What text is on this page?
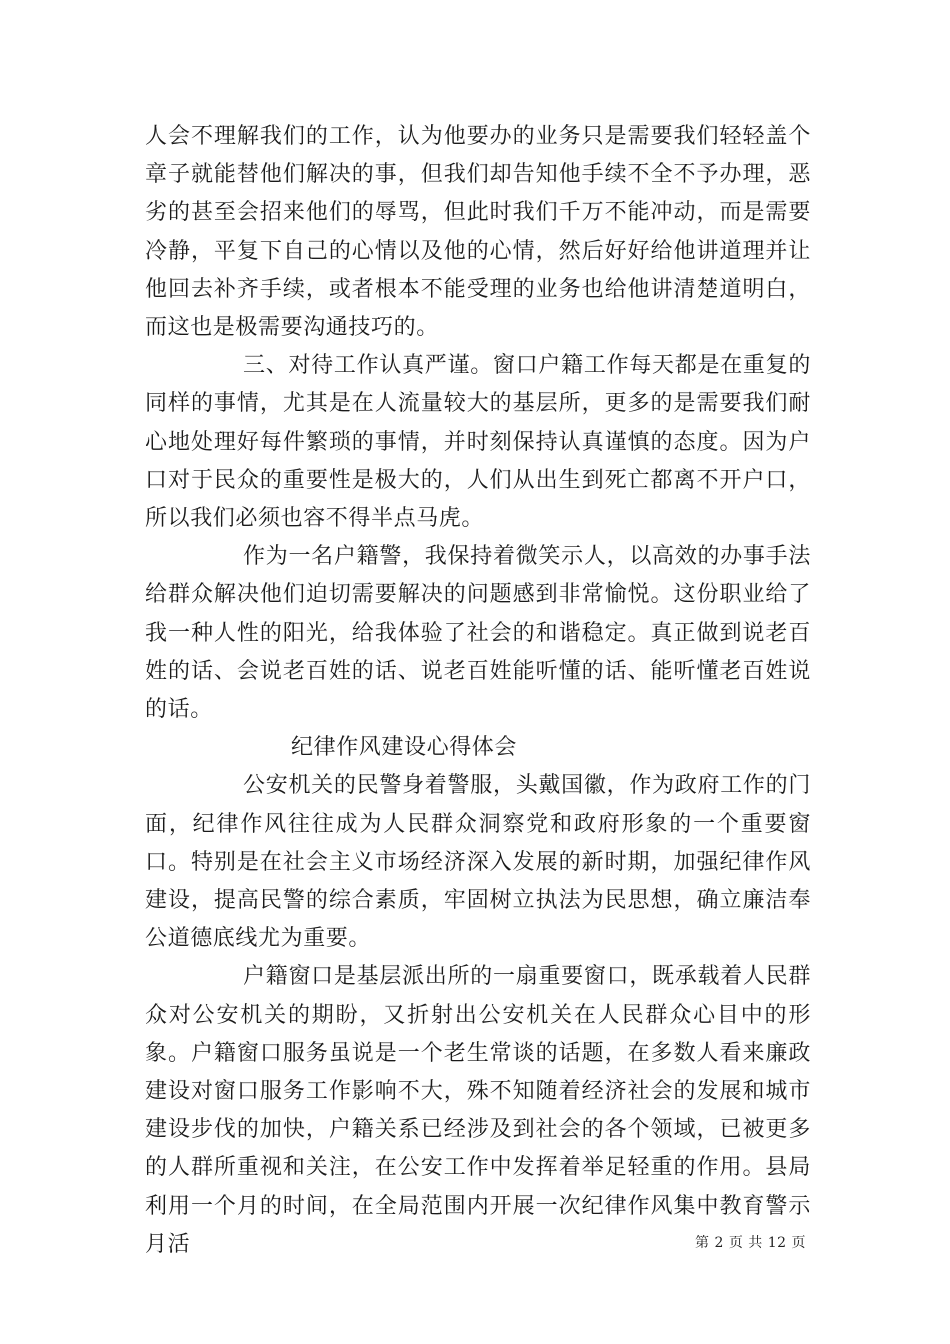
人会不理解我们的工作，认为他要办的业务只是需要我们轻轻盖个章子就能替他们解决的事，但我们却告知他手续不全不予办理，恶劣的甚至会招来他们的辱骂，但此时我们千万不能冲动，而是需要冷静，平复下自己的心情以及他的心情，然后好好给他讲道理并让他回去补齐手续，或者根本不能受理的业务也给他讲清楚道明白，而这也是极需要沟通技巧的。

三、对待工作认真严谨。窗口户籍工作每天都是在重复的同样的事情，尤其是在人流量较大的基层所，更多的是需要我们耐心地处理好每件繁琐的事情，并时刻保持认真谨慎的态度。因为户口对于民众的重要性是极大的，人们从出生到死亡都离不开户口，所以我们必须也容不得半点马虎。

作为一名户籍警，我保持着微笑示人，以高效的办事手法给群众解决他们迫切需要解决的问题感到非常愉悦。这份职业给了我一种人性的阳光，给我体验了社会的和谐稳定。真正做到说老百姓的话、会说老百姓的话、说老百姓能听懂的话、能听懂老百姓说的话。

纪律作风建设心得体会

公安机关的民警身着警服，头戴国徽，作为政府工作的门面，纪律作风往往成为人民群众洞察党和政府形象的一个重要窗口。特别是在社会主义市场经济深入发展的新时期，加强纪律作风建设，提高民警的综合素质，牢固树立执法为民思想，确立廉洁奉公道德底线尤为重要。

户籍窗口是基层派出所的一扇重要窗口，既承载着人民群众对公安机关的期盼，又折射出公安机关在人民群众心目中的形象。户籍窗口服务虽说是一个老生常谈的话题，在多数人看来廉政建设对窗口服务工作影响不大，殊不知随着经济社会的发展和城市建设步伐的加快，户籍关系已经涉及到社会的各个领域，已被更多的人群所重视和关注，在公安工作中发挥着举足轻重的作用。县局利用一个月的时间，在全局范围内开展一次纪律作风集中教育警示月活	第 2 页 共 12 页
